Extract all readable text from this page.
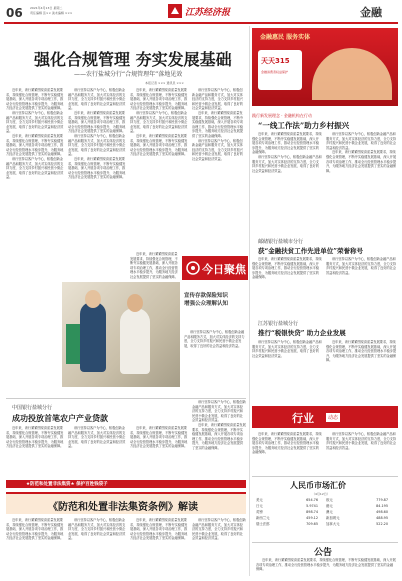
06 2021年4月13日 星期二
责任编辑 张×× 美术编辑 ×××	江苏经济报	金融
强化合规管理 夯实发展基础
——农行盐城分行“合规管理年”落地见效
本报记者 ××× 通讯员 ×××

近年来，该行紧紧围绕高质量发展要求，持续强化合规管理，不断夯实稳健发展基础，深入开展各项专项治理工作，推动全行经营管理水平稳步提升，为服务地方经济社会发展提供了坚实的金融保障。

该行坚持以客户为中心，积极创新金融产品和服务方式，加大对实体经济的支持力度，全力支持乡村振兴和民营小微企业发展，取得了良好的社会效益和经济效益。

近年来，该行紧紧围绕高质量发展要求，持续强化合规管理，不断夯实稳健发展基础，深入开展各项专项治理工作，推动全行经营管理水平稳步提升，为服务地方经济社会发展提供了坚实的金融保障。

该行坚持以客户为中心，积极创新金融产品和服务方式，加大对实体经济的支持力度，全力支持乡村振兴和民营小微企业发展，取得了良好的社会效益和经济效益。

该行坚持以客户为中心，积极创新金融产品和服务方式，加大对实体经济的支持力度，全力支持乡村振兴和民营小微企业发展，取得了良好的社会效益和经济效益。

近年来，该行紧紧围绕高质量发展要求，持续强化合规管理，不断夯实稳健发展基础，深入开展各项专项治理工作，推动全行经营管理水平稳步提升，为服务地方经济社会发展提供了坚实的金融保障。

该行坚持以客户为中心，积极创新金融产品和服务方式，加大对实体经济的支持力度，全力支持乡村振兴和民营小微企业发展，取得了良好的社会效益和经济效益。

近年来，该行紧紧围绕高质量发展要求，持续强化合规管理，不断夯实稳健发展基础，深入开展各项专项治理工作，推动全行经营管理水平稳步提升，为服务地方经济社会发展提供了坚实的金融保障。

近年来，该行紧紧围绕高质量发展要求，持续强化合规管理，不断夯实稳健发展基础，深入开展各项专项治理工作，推动全行经营管理水平稳步提升，为服务地方经济社会发展提供了坚实的金融保障。

该行坚持以客户为中心，积极创新金融产品和服务方式，加大对实体经济的支持力度，全力支持乡村振兴和民营小微企业发展，取得了良好的社会效益和经济效益。

近年来，该行紧紧围绕高质量发展要求，持续强化合规管理，不断夯实稳健发展基础，深入开展各项专项治理工作，推动全行经营管理水平稳步提升，为服务地方经济社会发展提供了坚实的金融保障。

该行坚持以客户为中心，积极创新金融产品和服务方式，加大对实体经济的支持力度，全力支持乡村振兴和民营小微企业发展，取得了良好的社会效益和经济效益。

近年来，该行紧紧围绕高质量发展要求，持续强化合规管理，不断夯实稳健发展基础，深入开展各项专项治理工作，推动全行经营管理水平稳步提升，为服务地方经济社会发展提供了坚实的金融保障。

该行坚持以客户为中心，积极创新金融产品和服务方式，加大对实体经济的支持力度，全力支持乡村振兴和民营小微企业发展，取得了良好的社会效益和经济效益。

金融惠民 服务实体
天天315
金融消费者权益保护
践行新发展理念 · 金融机构在行动
“一线工作法”助力乡村振兴

近年来，该行紧紧围绕高质量发展要求，持续强化合规管理，不断夯实稳健发展基础，深入开展各项专项治理工作，推动全行经营管理水平稳步提升，为服务地方经济社会发展提供了坚实的金融保障。

该行坚持以客户为中心，积极创新金融产品和服务方式，加大对实体经济的支持力度，全力支持乡村振兴和民营小微企业发展，取得了良好的社会效益和经济效益。

该行坚持以客户为中心，积极创新金融产品和服务方式，加大对实体经济的支持力度，全力支持乡村振兴和民营小微企业发展，取得了良好的社会效益和经济效益。

近年来，该行紧紧围绕高质量发展要求，持续强化合规管理，不断夯实稳健发展基础，深入开展各项专项治理工作，推动全行经营管理水平稳步提升，为服务地方经济社会发展提供了坚实的金融保障。

邮储银行盐城市分行
获“金融扶贫工作先进单位”荣誉称号

近年来，该行紧紧围绕高质量发展要求，持续强化合规管理，不断夯实稳健发展基础，深入开展各项专项治理工作，推动全行经营管理水平稳步提升，为服务地方经济社会发展提供了坚实的金融保障。

该行坚持以客户为中心，积极创新金融产品和服务方式，加大对实体经济的支持力度，全力支持乡村振兴和民营小微企业发展，取得了良好的社会效益和经济效益。

江苏银行盐城分行
推行“税银快贷” 助力企业发展

该行坚持以客户为中心，积极创新金融产品和服务方式，加大对实体经济的支持力度，全力支持乡村振兴和民营小微企业发展，取得了良好的社会效益和经济效益。

近年来，该行紧紧围绕高质量发展要求，持续强化合规管理，不断夯实稳健发展基础，深入开展各项专项治理工作，推动全行经营管理水平稳步提升，为服务地方经济社会发展提供了坚实的金融保障。

今日聚焦

近年来，该行紧紧围绕高质量发展要求，持续强化合规管理，不断夯实稳健发展基础，深入开展各项专项治理工作，推动全行经营管理水平稳步提升，为服务地方经济社会发展提供了坚实的金融保障。

宣传存款保险知识
增强公众理解认知

该行坚持以客户为中心，积极创新金融产品和服务方式，加大对实体经济的支持力度，全力支持乡村振兴和民营小微企业发展，取得了良好的社会效益和经济效益。

行业	动态
中国银行盐城分行
成功投放首笔农户产业贷款

近年来，该行紧紧围绕高质量发展要求，持续强化合规管理，不断夯实稳健发展基础，深入开展各项专项治理工作，推动全行经营管理水平稳步提升，为服务地方经济社会发展提供了坚实的金融保障。

该行坚持以客户为中心，积极创新金融产品和服务方式，加大对实体经济的支持力度，全力支持乡村振兴和民营小微企业发展，取得了良好的社会效益和经济效益。

近年来，该行紧紧围绕高质量发展要求，持续强化合规管理，不断夯实稳健发展基础，深入开展各项专项治理工作，推动全行经营管理水平稳步提升，为服务地方经济社会发展提供了坚实的金融保障。

该行坚持以客户为中心，积极创新金融产品和服务方式，加大对实体经济的支持力度，全力支持乡村振兴和民营小微企业发展，取得了良好的社会效益和经济效益。

近年来，该行紧紧围绕高质量发展要求，持续强化合规管理，不断夯实稳健发展基础，深入开展各项专项治理工作，推动全行经营管理水平稳步提升，为服务地方经济社会发展提供了坚实的金融保障。

近年来，该行紧紧围绕高质量发展要求，持续强化合规管理，不断夯实稳健发展基础，深入开展各项专项治理工作，推动全行经营管理水平稳步提升，为服务地方经济社会发展提供了坚实的金融保障。

该行坚持以客户为中心，积极创新金融产品和服务方式，加大对实体经济的支持力度，全力支持乡村振兴和民营小微企业发展，取得了良好的社会效益和经济效益。

★防范和处置非法集资★ 保护百姓钱袋子
《防范和处置非法集资条例》解读

近年来，该行紧紧围绕高质量发展要求，持续强化合规管理，不断夯实稳健发展基础，深入开展各项专项治理工作，推动全行经营管理水平稳步提升，为服务地方经济社会发展提供了坚实的金融保障。

该行坚持以客户为中心，积极创新金融产品和服务方式，加大对实体经济的支持力度，全力支持乡村振兴和民营小微企业发展，取得了良好的社会效益和经济效益。

近年来，该行紧紧围绕高质量发展要求，持续强化合规管理，不断夯实稳健发展基础，深入开展各项专项治理工作，推动全行经营管理水平稳步提升，为服务地方经济社会发展提供了坚实的金融保障。

该行坚持以客户为中心，积极创新金融产品和服务方式，加大对实体经济的支持力度，全力支持乡村振兴和民营小微企业发展，取得了良好的社会效益和经济效益。

人民币市场汇价
（4月12日）
美元	654.76 欧元	779.87
日元	5.9741 港元	84.195
英镑	898.74 澳元	498.60
新西兰元	459.12 新加坡元	488.95
瑞士法郎	709.65 加拿大元	522.20
公告

近年来，该行紧紧围绕高质量发展要求，持续强化合规管理，不断夯实稳健发展基础，深入开展各项专项治理工作，推动全行经营管理水平稳步提升，为服务地方经济社会发展提供了坚实的金融保障。
